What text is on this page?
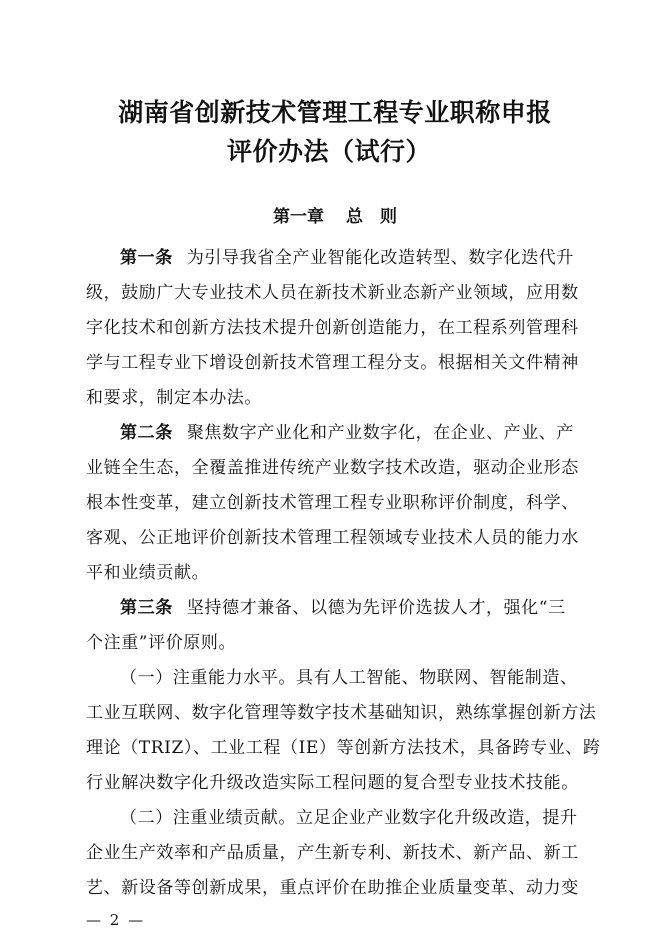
湖南省创新技术管理工程专业职称申报
评价办法（试行）
第一章 总　则
第一条 为引导我省全产业智能化改造转型、数字化迭代升
级，鼓励广大专业技术人员在新技术新业态新产业领域，应用数
字化技术和创新方法技术提升创新创造能力，在工程系列管理科
学与工程专业下增设创新技术管理工程分支。根据相关文件精神
和要求，制定本办法。
第二条 聚焦数字产业化和产业数字化，在企业、产业、产
业链全生态，全覆盖推进传统产业数字技术改造，驱动企业形态
根本性变革，建立创新技术管理工程专业职称评价制度，科学、
客观、公正地评价创新技术管理工程领域专业技术人员的能力水
平和业绩贡献。
第三条 坚持德才兼备、以德为先评价选拔人才，强化“三
个注重”评价原则。
（一）注重能力水平。具有人工智能、物联网、智能制造、
工业互联网、数字化管理等数字技术基础知识，熟练掌握创新方法
理论（TRIZ）、工业工程（IE）等创新方法技术，具备跨专业、跨
行业解决数字化升级改造实际工程问题的复合型专业技术技能。
（二）注重业绩贡献。立足企业产业数字化升级改造，提升
企业生产效率和产品质量，产生新专利、新技术、新产品、新工
艺、新设备等创新成果，重点评价在助推企业质量变革、动力变
— 2 —
